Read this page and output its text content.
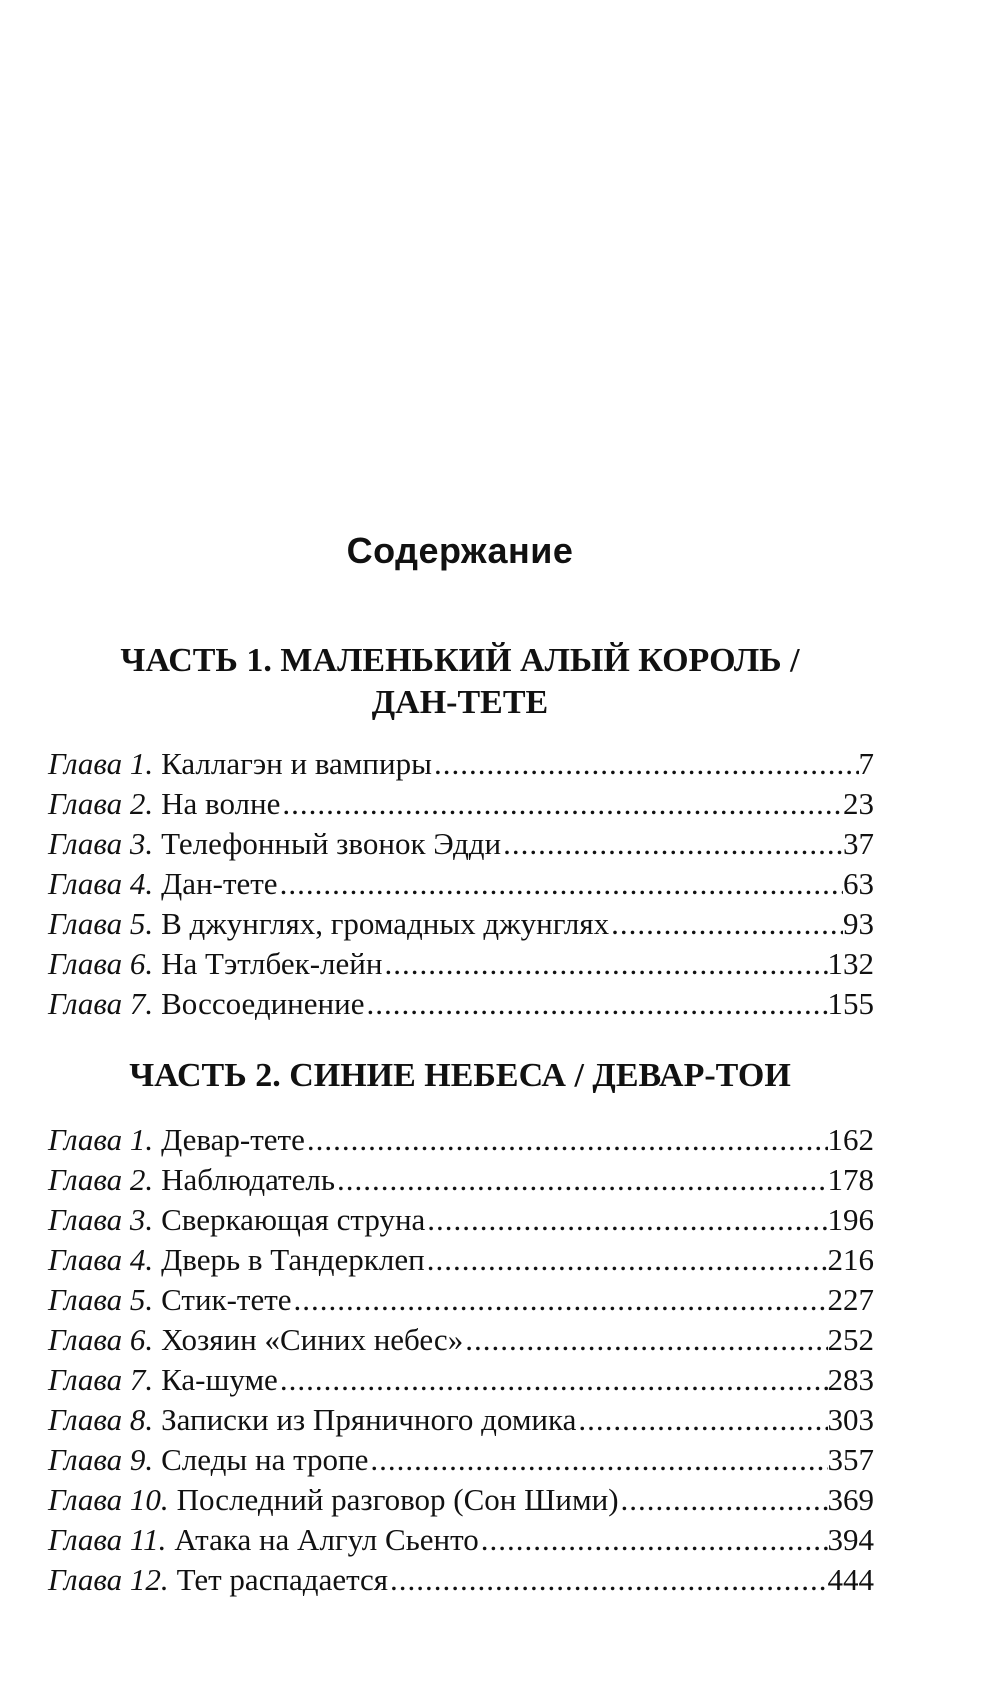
Содержание
ЧАСТЬ 1. МАЛЕНЬКИЙ АЛЫЙ КОРОЛЬ /
ДАН-ТЕТЕ
Глава 1. Каллагэн и вампиры .....	7
Глава 2. На волне .....	23
Глава 3. Телефонный звонок Эдди .....	37
Глава 4. Дан-тете .....	63
Глава 5. В джунглях, громадных джунглях .....	93
Глава 6. На Тэтлбек-лейн .....	132
Глава 7. Воссоединение .....	155
ЧАСТЬ 2. СИНИЕ НЕБЕСА / ДЕВАР-ТОИ
Глава 1. Девар-тете .....	162
Глава 2. Наблюдатель .....	178
Глава 3. Сверкающая струна .....	196
Глава 4. Дверь в Тандерклеп .....	216
Глава 5. Стик-тете .....	227
Глава 6. Хозяин «Синих небес» .....	252
Глава 7. Ка-шуме .....	283
Глава 8. Записки из Пряничного домика .....	303
Глава 9. Следы на тропе .....	357
Глава 10. Последний разговор (Сон Шими) .....	369
Глава 11. Атака на Алгул Сьенто .....	394
Глава 12. Тет распадается .....	444
